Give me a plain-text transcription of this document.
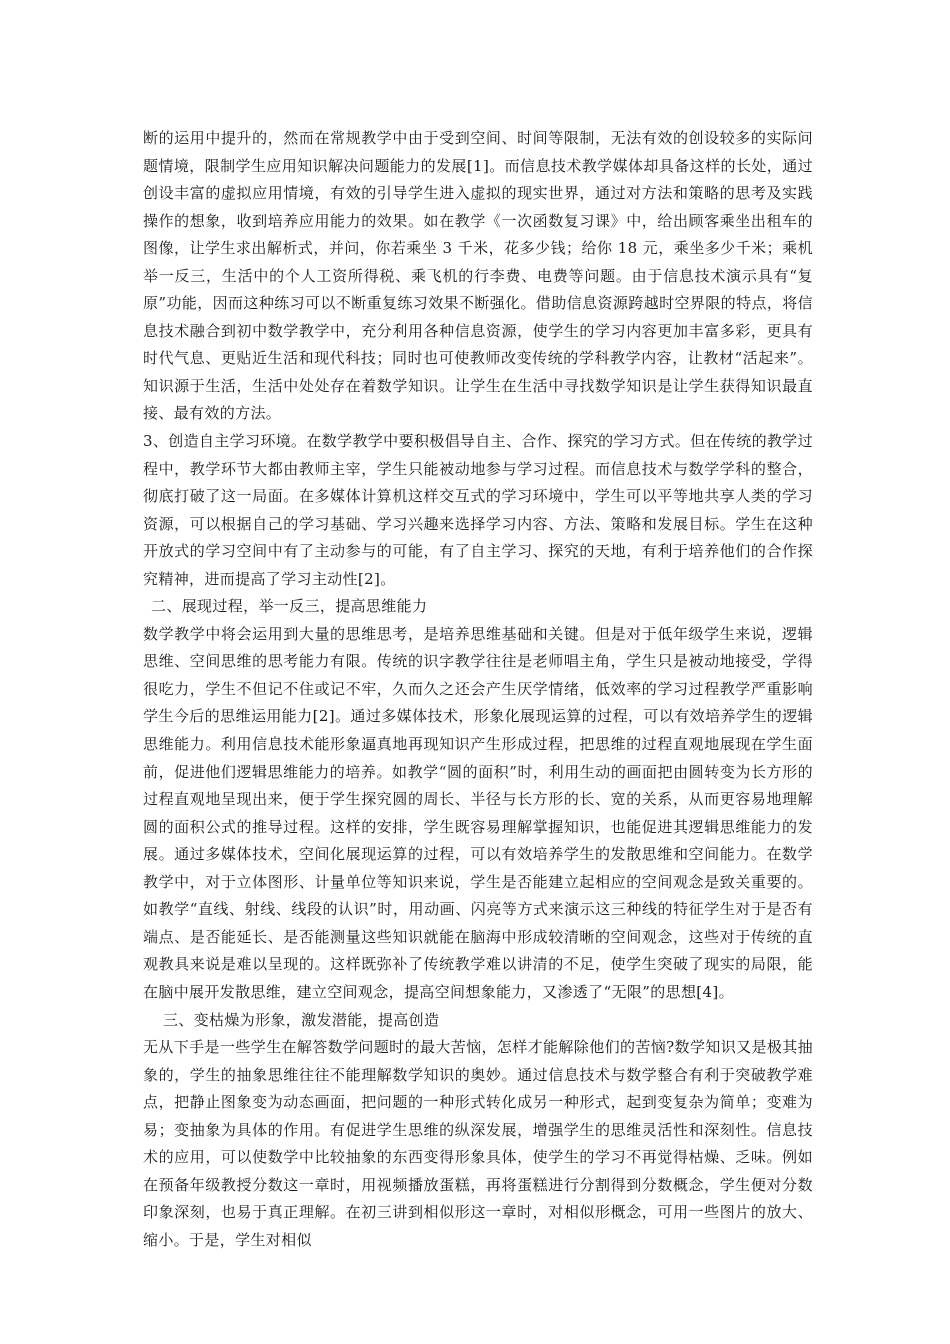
断的运用中提升的，然而在常规教学中由于受到空间、时间等限制，无法有效的创设较多的实际问题情境，限制学生应用知识解决问题能力的发展[1]。而信息技术教学媒体却具备这样的长处，通过创设丰富的虚拟应用情境，有效的引导学生进入虚拟的现实世界，通过对方法和策略的思考及实践操作的想象，收到培养应用能力的效果。如在教学《一次函数复习课》中，给出顾客乘坐出租车的图像，让学生求出解析式，并问，你若乘坐 3 千米，花多少钱；给你 18 元，乘坐多少千米；乘机举一反三，生活中的个人工资所得税、乘飞机的行李费、电费等问题。由于信息技术演示具有“复原”功能，因而这种练习可以不断重复练习效果不断强化。借助信息资源跨越时空界限的特点，将信息技术融合到初中数学教学中，充分利用各种信息资源，使学生的学习内容更加丰富多彩，更具有时代气息、更贴近生活和现代科技；同时也可使教师改变传统的学科教学内容，让教材“活起来”。知识源于生活，生活中处处存在着数学知识。让学生在生活中寻找数学知识是让学生获得知识最直接、最有效的方法。

3、创造自主学习环境。在数学教学中要积极倡导自主、合作、探究的学习方式。但在传统的教学过程中，教学环节大都由教师主宰，学生只能被动地参与学习过程。而信息技术与数学学科的整合，彻底打破了这一局面。在多媒体计算机这样交互式的学习环境中，学生可以平等地共享人类的学习资源，可以根据自己的学习基础、学习兴趣来选择学习内容、方法、策略和发展目标。学生在这种开放式的学习空间中有了主动参与的可能，有了自主学习、探究的天地，有利于培养他们的合作探究精神，进而提高了学习主动性[2]。

二、展现过程，举一反三，提高思维能力

数学教学中将会运用到大量的思维思考，是培养思维基础和关键。但是对于低年级学生来说，逻辑思维、空间思维的思考能力有限。传统的识字教学往往是老师唱主角，学生只是被动地接受，学得很吃力，学生不但记不住或记不牢，久而久之还会产生厌学情绪，低效率的学习过程教学严重影响学生今后的思维运用能力[2]。通过多媒体技术，形象化展现运算的过程，可以有效培养学生的逻辑思维能力。利用信息技术能形象逼真地再现知识产生形成过程，把思维的过程直观地展现在学生面前，促进他们逻辑思维能力的培养。如教学“圆的面积”时，利用生动的画面把由圆转变为长方形的过程直观地呈现出来，便于学生探究圆的周长、半径与长方形的长、宽的关系，从而更容易地理解圆的面积公式的推导过程。这样的安排，学生既容易理解掌握知识，也能促进其逻辑思维能力的发展。通过多媒体技术，空间化展现运算的过程，可以有效培养学生的发散思维和空间能力。在数学教学中，对于立体图形、计量单位等知识来说，学生是否能建立起相应的空间观念是致关重要的。如教学“直线、射线、线段的认识”时，用动画、闪亮等方式来演示这三种线的特征学生对于是否有端点、是否能延长、是否能测量这些知识就能在脑海中形成较清晰的空间观念，这些对于传统的直观教具来说是难以呈现的。这样既弥补了传统教学难以讲清的不足，使学生突破了现实的局限，能在脑中展开发散思维，建立空间观念，提高空间想象能力，又渗透了“无限”的思想[4]。

三、变枯燥为形象，激发潜能，提高创造

无从下手是一些学生在解答数学问题时的最大苦恼，怎样才能解除他们的苦恼?数学知识又是极其抽象的，学生的抽象思维往往不能理解数学知识的奥妙。通过信息技术与数学整合有利于突破教学难点，把静止图象变为动态画面，把问题的一种形式转化成另一种形式，起到变复杂为简单；变难为易；变抽象为具体的作用。有促进学生思维的纵深发展，增强学生的思维灵活性和深刻性。信息技术的应用，可以使数学中比较抽象的东西变得形象具体，使学生的学习不再觉得枯燥、乏味。例如在预备年级教授分数这一章时，用视频播放蛋糕，再将蛋糕进行分割得到分数概念，学生便对分数印象深刻，也易于真正理解。在初三讲到相似形这一章时，对相似形概念，可用一些图片的放大、缩小。于是，学生对相似
